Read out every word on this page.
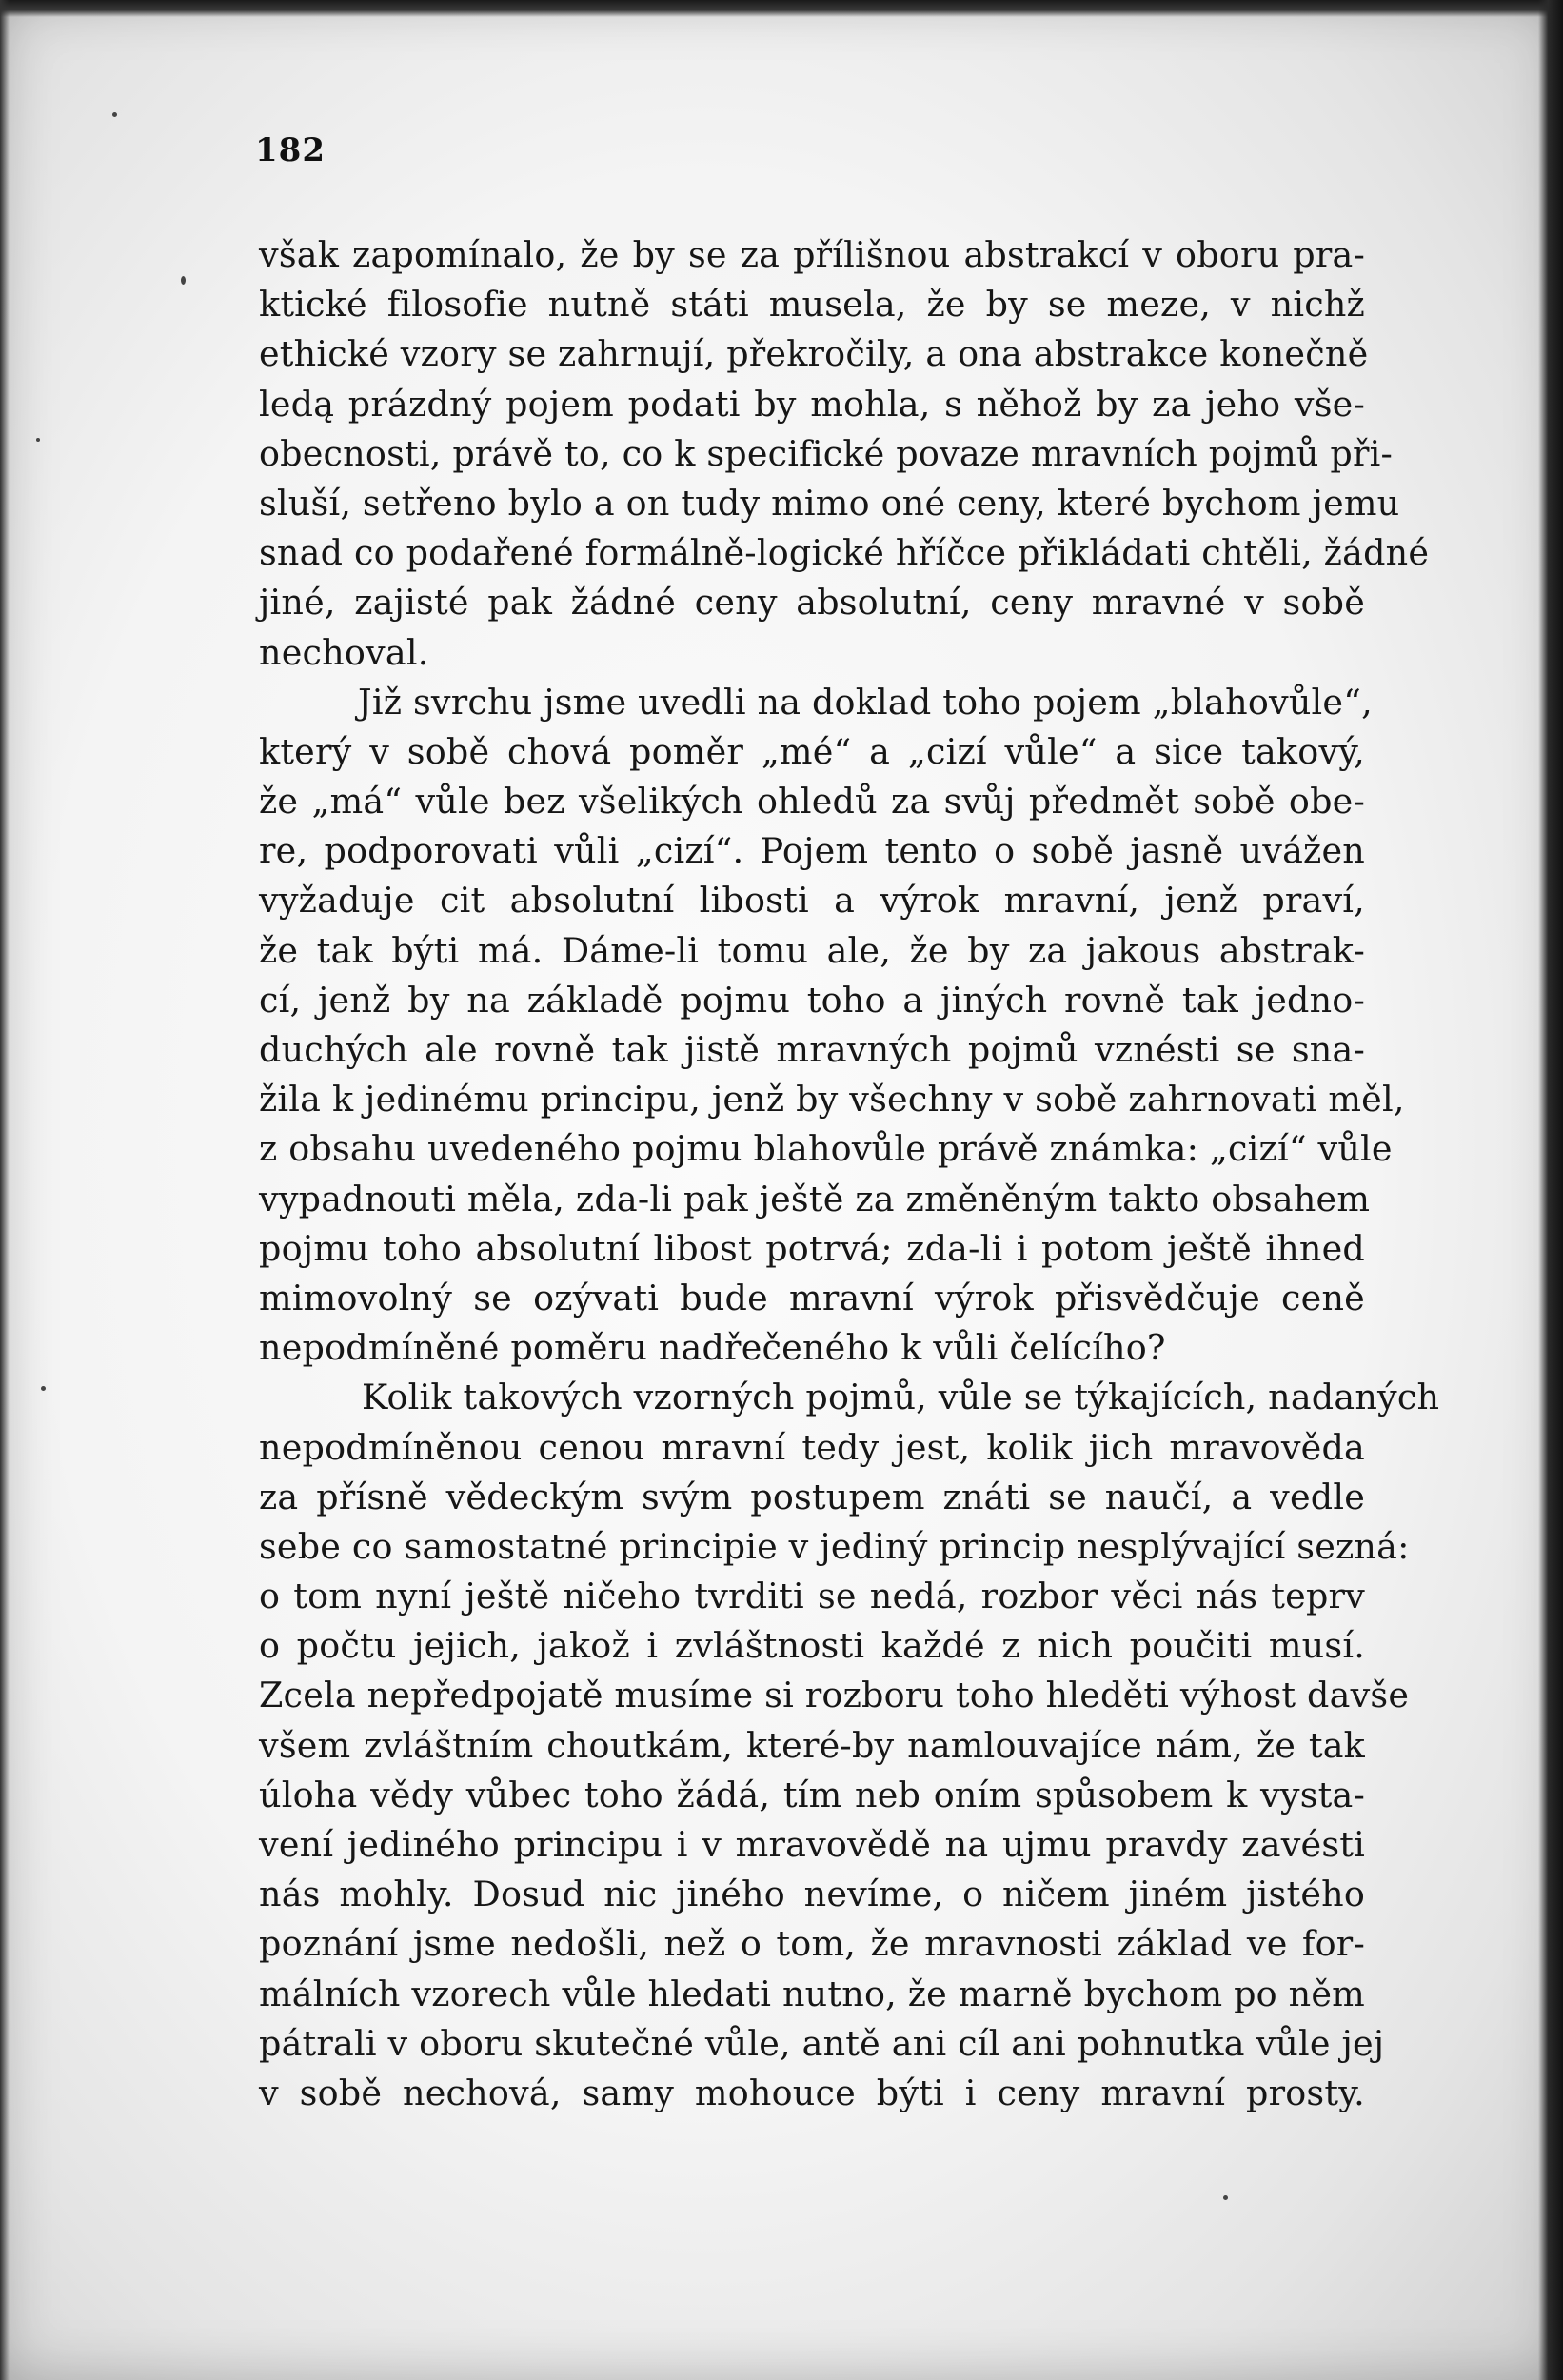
182
však zapomínalo, že by se za přílišnou abstrakcí v oboru pra-
ktické filosofie nutně státi musela, že by se meze, v nichž
ethické vzory se zahrnují, překročily, a ona abstrakce konečně
ledą prázdný pojem podati by mohla, s něhož by za jeho vše-
obecnosti, právě to, co k specifické povaze mravních pojmů při-
sluší, setřeno bylo a on tudy mimo oné ceny, které bychom jemu
snad co podařené formálně-logické hříčce přikládati chtěli, žádné
jiné, zajisté pak žádné ceny absolutní, ceny mravné v sobě
nechoval.
Již svrchu jsme uvedli na doklad toho pojem „blahovůle“,
který v sobě chová poměr „mé“ a „cizí vůle“ a sice takový,
že „má“ vůle bez všelikých ohledů za svůj předmět sobě obe-
re, podporovati vůli „cizí“. Pojem tento o sobě jasně uvážen
vyžaduje cit absolutní libosti a výrok mravní, jenž praví,
že tak býti má. Dáme-li tomu ale, že by za jakous abstrak-
cí, jenž by na základě pojmu toho a jiných rovně tak jedno-
duchých ale rovně tak jistě mravných pojmů vznésti se sna-
žila k jedinému principu, jenž by všechny v sobě zahrnovati měl,
z obsahu uvedeného pojmu blahovůle právě známka: „cizí“ vůle
vypadnouti měla, zda-li pak ještě za změněným takto obsahem
pojmu toho absolutní libost potrvá; zda-li i potom ještě ihned
mimovolný se ozývati bude mravní výrok přisvědčuje ceně
nepodmíněné poměru nadřečeného k vůli čelícího?
Kolik takových vzorných pojmů, vůle se týkajících, nadaných
nepodmíněnou cenou mravní tedy jest, kolik jich mravověda
za přísně vědeckým svým postupem znáti se naučí, a vedle
sebe co samostatné principie v jediný princip nesplývající sezná:
o tom nyní ještě ničeho tvrditi se nedá, rozbor věci nás teprv
o počtu jejich, jakož i zvláštnosti každé z nich poučiti musí.
Zcela nepředpojatě musíme si rozboru toho hleděti výhost davše
všem zvláštním choutkám, které-by namlouvajíce nám, že tak
úloha vědy vůbec toho žádá, tím neb oním spůsobem k vysta-
vení jediného principu i v mravovědě na ujmu pravdy zavésti
nás mohly. Dosud nic jiného nevíme, o ničem jiném jistého
poznání jsme nedošli, než o tom, že mravnosti základ ve for-
málních vzorech vůle hledati nutno, že marně bychom po něm
pátrali v oboru skutečné vůle, antě ani cíl ani pohnutka vůle jej
v sobě nechová, samy mohouce býti i ceny mravní prosty.
